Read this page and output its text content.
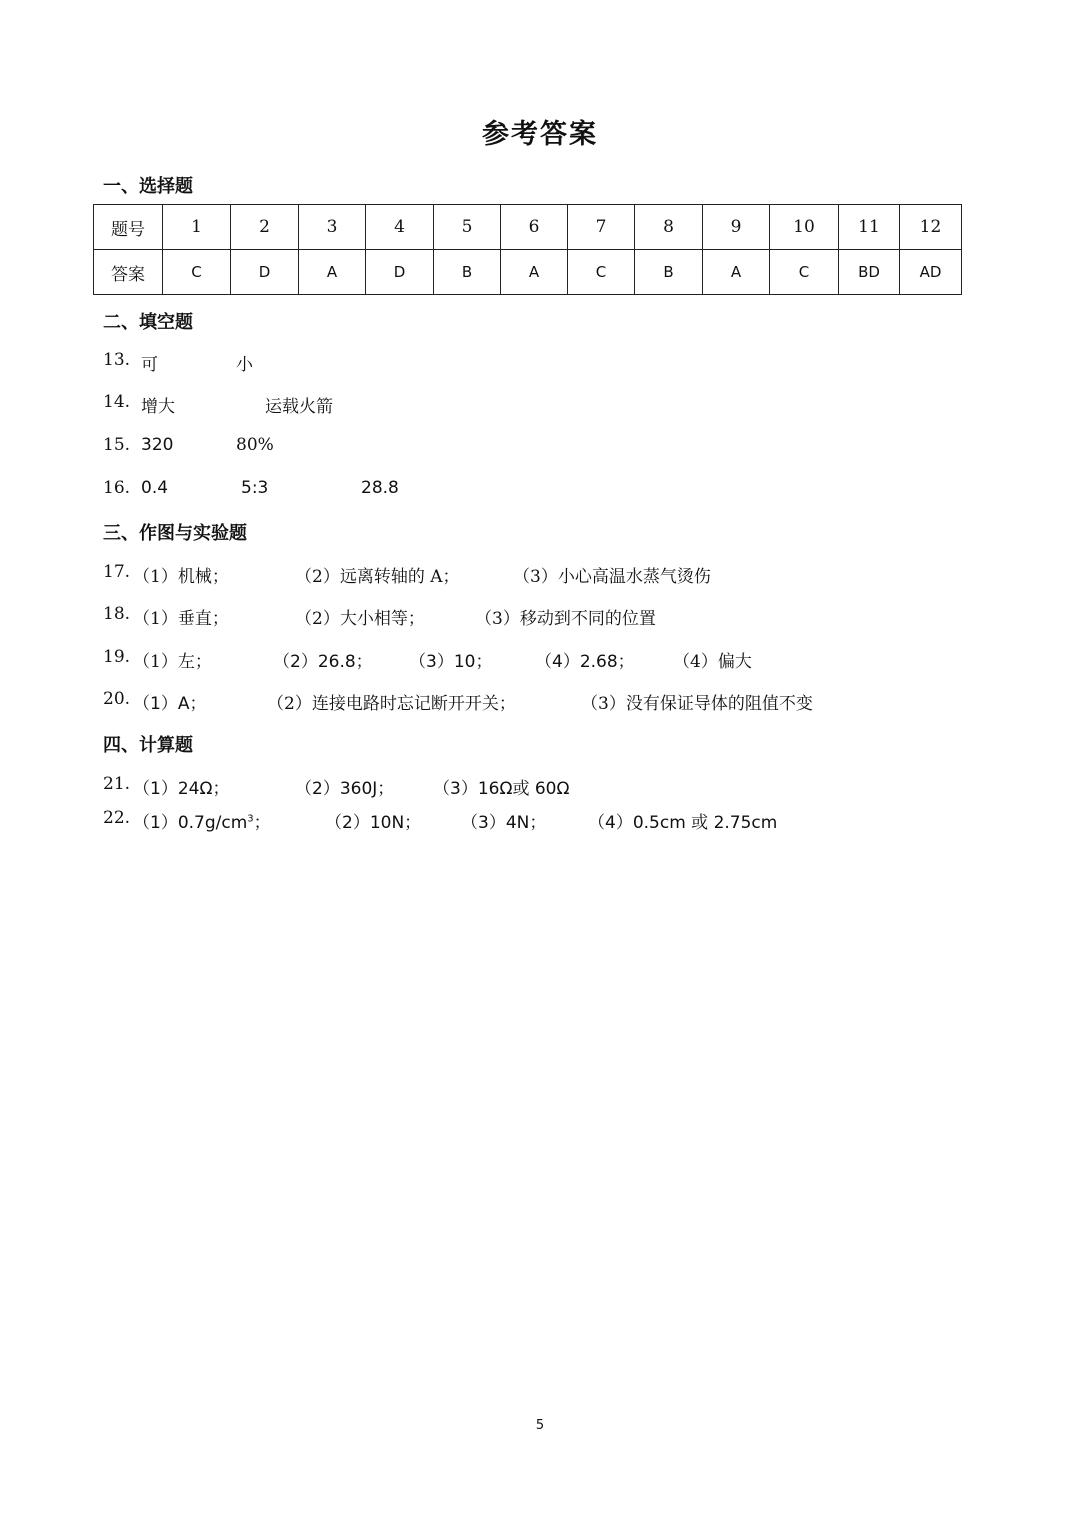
参考答案
一、选择题
题号	1	2	3	4	5	6	7	8	9	10	11	12
答案	C	D	A	D	B	A	C	B	A	C	BD	AD
二、填空题
13. 可	小
14. 增大	运载火箭
15. 320	80%
16. 0.4	5:3	28.8
三、作图与实验题
17. （1）机械；	（2）远离转轴的 A；	（3）小心高温水蒸气烫伤
18. （1）垂直；	（2）大小相等；	（3）移动到不同的位置
19. （1）左；	（2）26.8； （3）10；	（4）2.68； （4）偏大
20. （1）A；	（2）连接电路时忘记断开开关；	（3）没有保证导体的阻值不变
四、计算题
21. （1）24Ω；	（2）360J； （3）16Ω或 60Ω
22. $(1)0.7g/cm^3$；	（2）10N； （3）4N； （4）0.5cm 或 2.75cm
5
